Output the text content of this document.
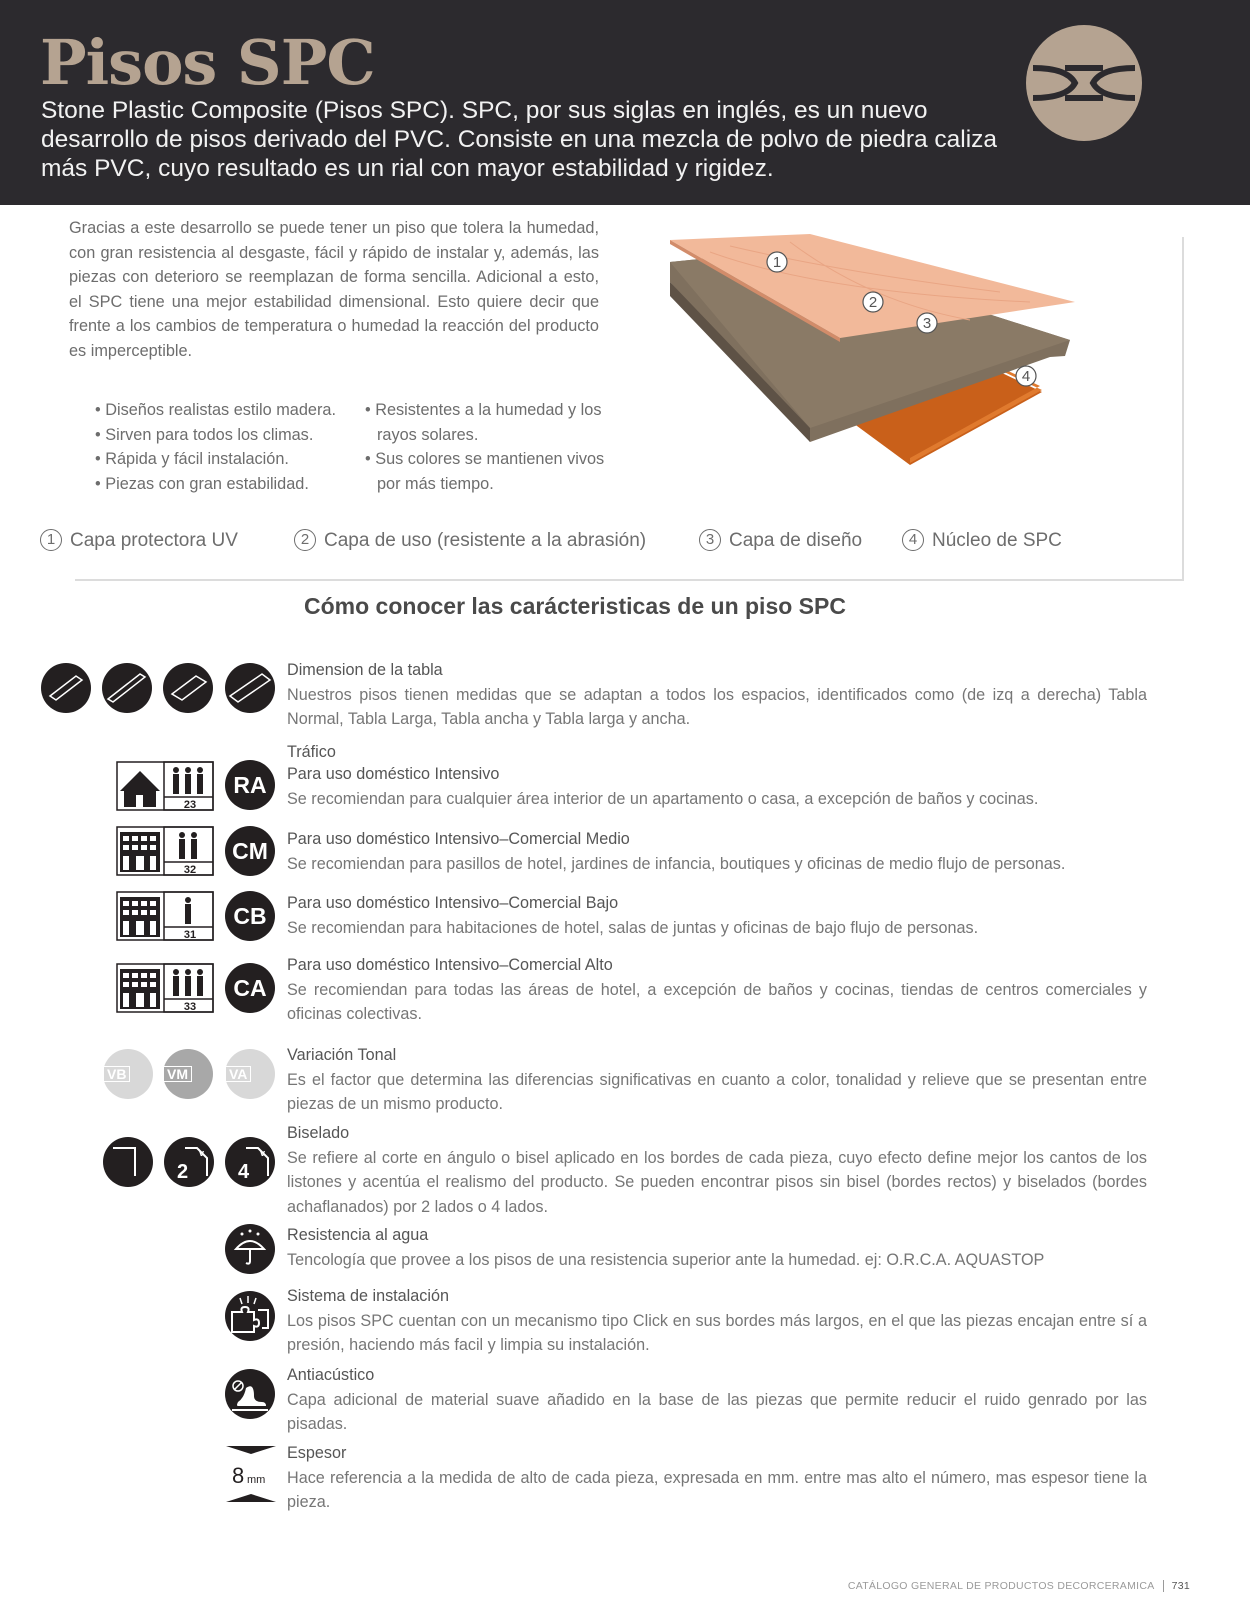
Pisos SPC
Stone Plastic Composite (Pisos SPC). SPC, por sus siglas en inglés, es un nuevo desarrollo de pisos derivado del PVC. Consiste en una mezcla de polvo de piedra caliza más PVC, cuyo resultado es un rial con mayor estabilidad y rigidez.
Gracias a este desarrollo se puede tener un piso que tolera la humedad, con gran resistencia al desgaste, fácil y rápido de instalar y, además, las piezas con deterioro se reemplazan de forma sencilla. Adicional a esto, el SPC tiene una mejor estabilidad dimensional. Esto quiere decir que frente a los cambios de temperatura o humedad la reacción del producto es imperceptible.
• Diseños realistas estilo madera.
• Sirven para todos los climas.
• Rápida y fácil instalación.
• Piezas con gran estabilidad.
• Resistentes a la humedad y los rayos solares.
• Sus colores se mantienen vivos por más tiempo.
1
2
3
4
1 Capa protectora UV	2 Capa de uso (resistente a la abrasión)	3 Capa de diseño	4 Núcleo de SPC
Cómo conocer las carácteristicas de un piso SPC
Dimension de la tabla
Nuestros pisos tienen medidas que se adaptan a todos los espacios, identificados como (de izq a derecha) Tabla Normal, Tabla Larga, Tabla ancha y Tabla larga y ancha.
Tráfico
23
RA	Para uso doméstico Intensivo
Se recomiendan para cualquier área interior de un apartamento o casa, a excepción de baños y cocinas.
32
CM	Para uso doméstico Intensivo–Comercial Medio
Se recomiendan para pasillos de hotel, jardines de infancia, boutiques y oficinas de medio flujo de personas.
31
CB	Para uso doméstico Intensivo–Comercial Bajo
Se recomiendan para habitaciones de hotel, salas de juntas y oficinas de bajo flujo de personas.
33
CA
Para uso doméstico Intensivo–Comercial Alto
Se recomiendan para todas las áreas de hotel, a excepción de baños y cocinas, tiendas de centros comerciales y oficinas colectivas.
VB	VM	VA
Variación Tonal
Es el factor que determina las diferencias significativas en cuanto a color, tonalidad y relieve que se presentan entre piezas de un mismo producto.
2
v
4
v
Biselado
Se refiere al corte en ángulo o bisel aplicado en los bordes de cada pieza, cuyo efecto define mejor los cantos de los listones y acentúa el realismo del producto. Se pueden encontrar pisos sin bisel (bordes rectos) y biselados (bordes achaflanados) por 2 lados o 4 lados.
Resistencia al agua
Tencología que provee a los pisos de una resistencia superior ante la humedad. ej: O.R.C.A. AQUASTOP
Sistema de instalación
Los pisos SPC cuentan con un mecanismo tipo Click en sus bordes más largos, en el que las piezas encajan entre sí a presión, haciendo más facil y limpia su instalación.
Antiacústico
Capa adicional de material suave añadido en la base de las piezas que permite reducir el ruido genrado por las pisadas.
8 mm
Espesor
Hace referencia a la medida de alto de cada pieza, expresada en mm. entre mas alto el número, mas espesor tiene la pieza.
CATÁLOGO GENERAL DE PRODUCTOS DECORCERAMICA 731
